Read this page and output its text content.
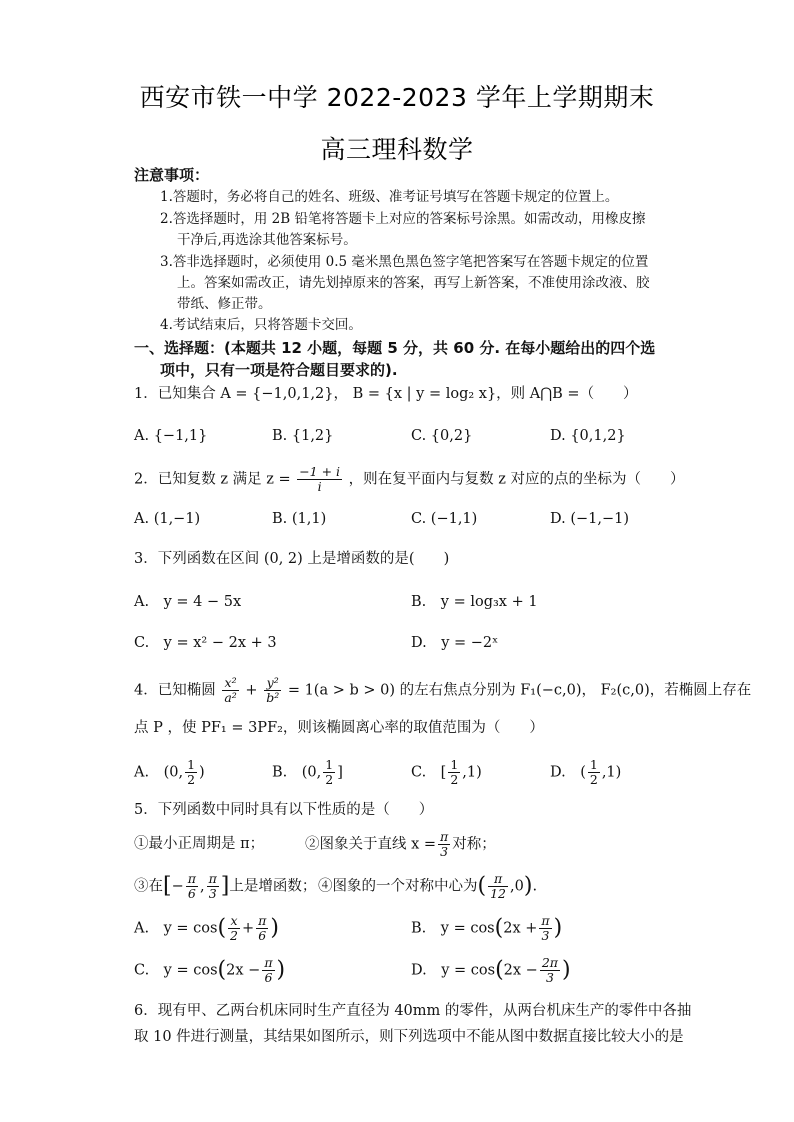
西安市铁一中学 2022-2023 学年上学期期末
高三理科数学
注意事项：
1.答题时，务必将自己的姓名、班级、准考证号填写在答题卡规定的位置上。
2.答选择题时，用 2B 铅笔将答题卡上对应的答案标号涂黑。如需改动，用橡皮擦
干净后,再选涂其他答案标号。
3.答非选择题时，必须使用 0.5 毫米黑色黑色签字笔把答案写在答题卡规定的位置
上。答案如需改正，请先划掉原来的答案，再写上新答案，不准使用涂改液、胶
带纸、修正带。
4.考试结束后，只将答题卡交回。
一、选择题：(本题共 12 小题，每题 5 分，共 60 分. 在每小题给出的四个选
项中，只有一项是符合题目要求的).
1．已知集合 A = {−1,0,1,2}， B = {x | y = log₂ x}，则 A⋂B =（　　）
A. {−1,1}	B. {1,2}	C. {0,2}	D. {0,1,2}
2．已知复数 z 满足 $z = \frac{-1 + i}{i}$ ，则在复平面内与复数 z 对应的点的坐标为（　　）
A. (1,−1)	B. (1,1)	C. (−1,1)	D. (−1,−1)
3．下列函数在区间 (0, 2) 上是增函数的是(　　)
A.　y = 4 − 5x	B.　y = log₃x + 1
C.　y = x² − 2x + 3	D.　y = −2ˣ
4．已知椭圆 $\frac{\text{x²}}{\text{a²}} + \frac{\text{y²}}{\text{b²}} = 1(a > b > 0)$ 的左右焦点分别为 F₁(−c,0)， F₂(c,0)，若椭圆上存在
点 P ，使 PF₁ = 3PF₂，则该椭圆离心率的取值范围为（　　）
A.　(0, $\frac{1}{2}$ )	B.　(0, $\frac{1}{2}$ ]	C.　[ $\frac{1}{2} ,1$)	D.　( $\frac{1}{2} ,1$)
5．下列函数中同时具有以下性质的是（　　）
①最小正周期是 π；	②图象关于直线 $x = \frac{\pi}{3}$ 对称；
③在[− $\frac{\pi}{6}$ , $\frac{\pi}{3}$ ]上是增函数； ④图象的一个对称中心为( $\frac{\pi}{12} ,0$).
A.　$y = \cos( \frac{x}{2} + \frac{\pi}{6}$ )	B.　$y = \cos(2x + \frac{\pi}{3}$ )
C.　$y = \cos(2x - \frac{\pi}{6}$ )	D.　$y = \cos(2x - \frac{2\pi}{3}$ )
6．现有甲、乙两台机床同时生产直径为 40mm 的零件，从两台机床生产的零件中各抽
取 10 件进行测量，其结果如图所示，则下列选项中不能从图中数据直接比较大小的是
